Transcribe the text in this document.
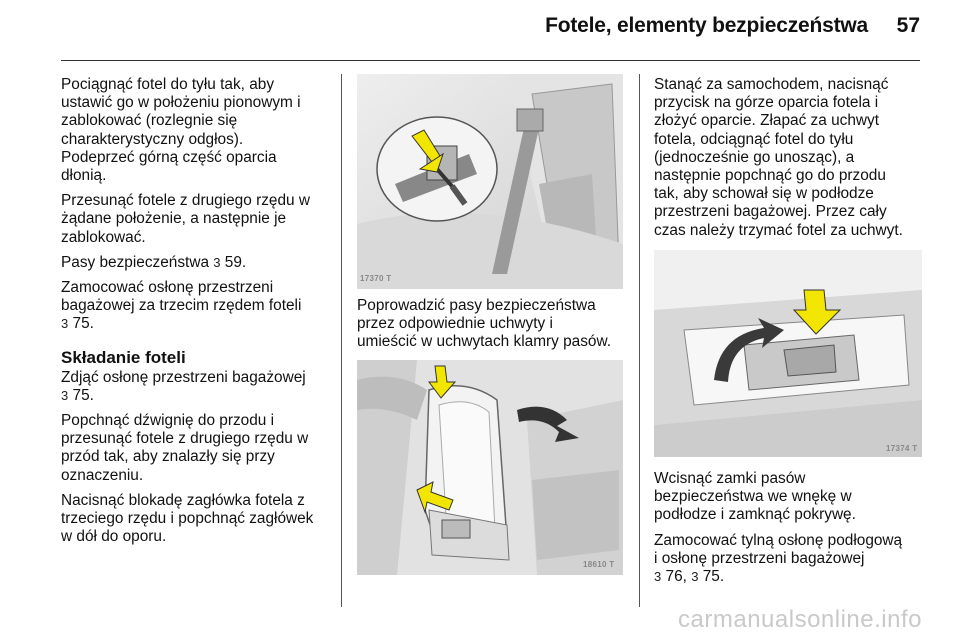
Fotele, elementy bezpieczeństwa 57

Pociągnąć fotel do tyłu tak, aby
ustawić go w położeniu pionowym i
zablokować (rozlegnie się
charakterystyczny odgłos).
Podeprzeć górną część oparcia
dłonią.

Przesunąć fotele z drugiego rzędu w
żądane położenie, a następnie je
zablokować.

Pasy bezpieczeństwa 3 59.

Zamocować osłonę przestrzeni
bagażowej za trzecim rzędem foteli
3 75.

Składanie foteli

Zdjąć osłonę przestrzeni bagażowej
3 75.

Popchnąć dźwignię do przodu i
przesunąć fotele z drugiego rzędu w
przód tak, aby znalazły się przy
oznaczeniu.

Nacisnąć blokadę zagłówka fotela z
trzeciego rzędu i popchnąć zagłówek
w dół do oporu.

17370 T

Poprowadzić pasy bezpieczeństwa
przez odpowiednie uchwyty i
umieścić w uchwytach klamry pasów.

18610 T

Stanąć za samochodem, nacisnąć
przycisk na górze oparcia fotela i
złożyć oparcie. Złapać za uchwyt
fotela, odciągnąć fotel do tyłu
(jednocześnie go unosząc), a
następnie popchnąć go do przodu
tak, aby schował się w podłodze
przestrzeni bagażowej. Przez cały
czas należy trzymać fotel za uchwyt.

17374 T

Wcisnąć zamki pasów
bezpieczeństwa we wnękę w
podłodze i zamknąć pokrywę.

Zamocować tylną osłonę podłogową
i osłonę przestrzeni bagażowej
3 76, 3 75.

carmanualsonline.info
